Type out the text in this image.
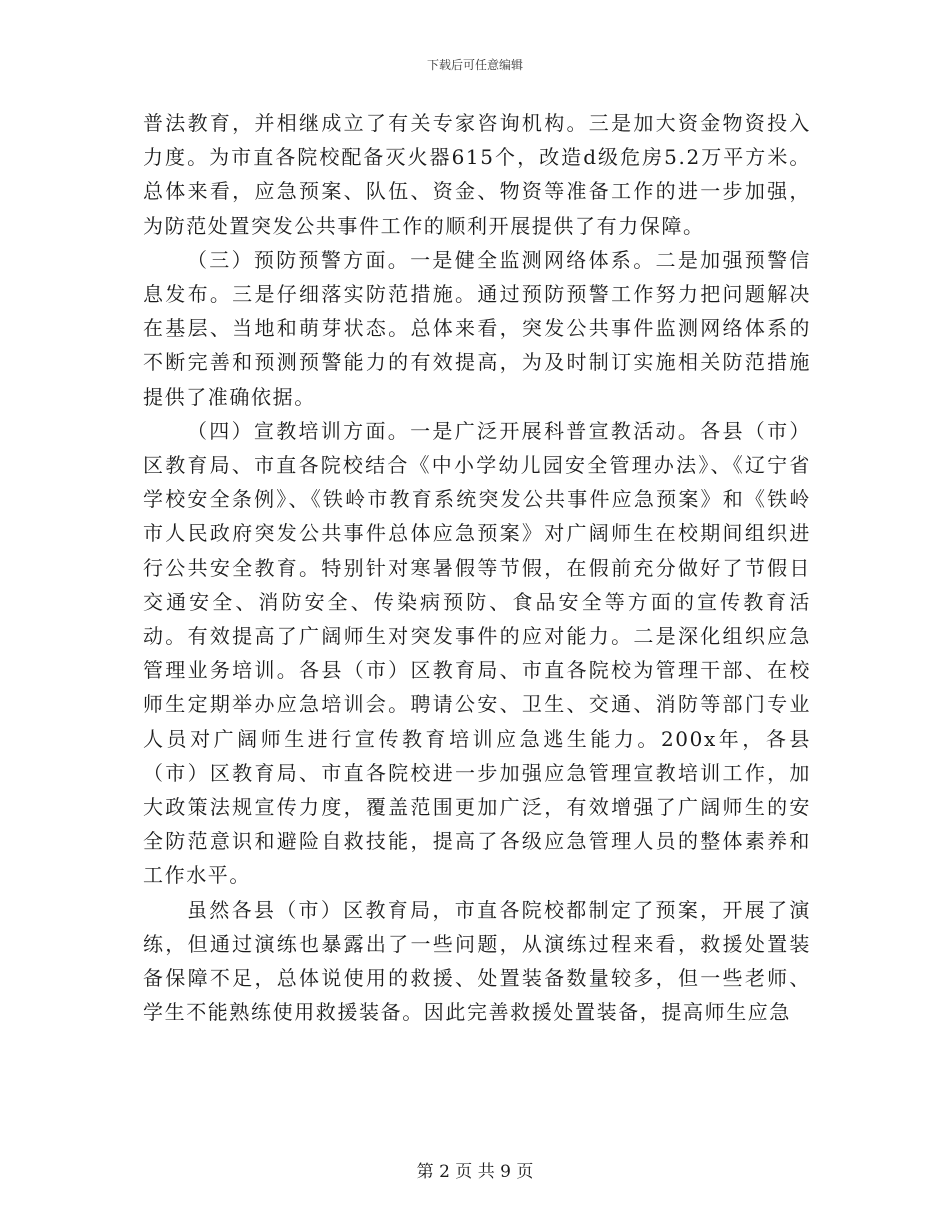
下载后可任意编辑

普法教育，并相继成立了有关专家咨询机构。三是加大资金物资投入力度。为市直各院校配备灭火器615个，改造d级危房5.2万平方米。总体来看，应急预案、队伍、资金、物资等准备工作的进一步加强，为防范处置突发公共事件工作的顺利开展提供了有力保障。

（三）预防预警方面。一是健全监测网络体系。二是加强预警信息发布。三是仔细落实防范措施。通过预防预警工作努力把问题解决在基层、当地和萌芽状态。总体来看，突发公共事件监测网络体系的不断完善和预测预警能力的有效提高，为及时制订实施相关防范措施提供了准确依据。

（四）宣教培训方面。一是广泛开展科普宣教活动。各县（市）区教育局、市直各院校结合《中小学幼儿园安全管理办法》、《辽宁省学校安全条例》、《铁岭市教育系统突发公共事件应急预案》和《铁岭市人民政府突发公共事件总体应急预案》对广阔师生在校期间组织进行公共安全教育。特别针对寒暑假等节假，在假前充分做好了节假日交通安全、消防安全、传染病预防、食品安全等方面的宣传教育活动。有效提高了广阔师生对突发事件的应对能力。二是深化组织应急管理业务培训。各县（市）区教育局、市直各院校为管理干部、在校师生定期举办应急培训会。聘请公安、卫生、交通、消防等部门专业人员对广阔师生进行宣传教育培训应急逃生能力。200x年，各县（市）区教育局、市直各院校进一步加强应急管理宣教培训工作，加大政策法规宣传力度，覆盖范围更加广泛，有效增强了广阔师生的安全防范意识和避险自救技能，提高了各级应急管理人员的整体素养和工作水平。

虽然各县（市）区教育局，市直各院校都制定了预案，开展了演练，但通过演练也暴露出了一些问题，从演练过程来看，救援处置装备保障不足，总体说使用的救援、处置装备数量较多，但一些老师、学生不能熟练使用救援装备。因此完善救援处置装备，提高师生应急

第 2 页 共 9 页
